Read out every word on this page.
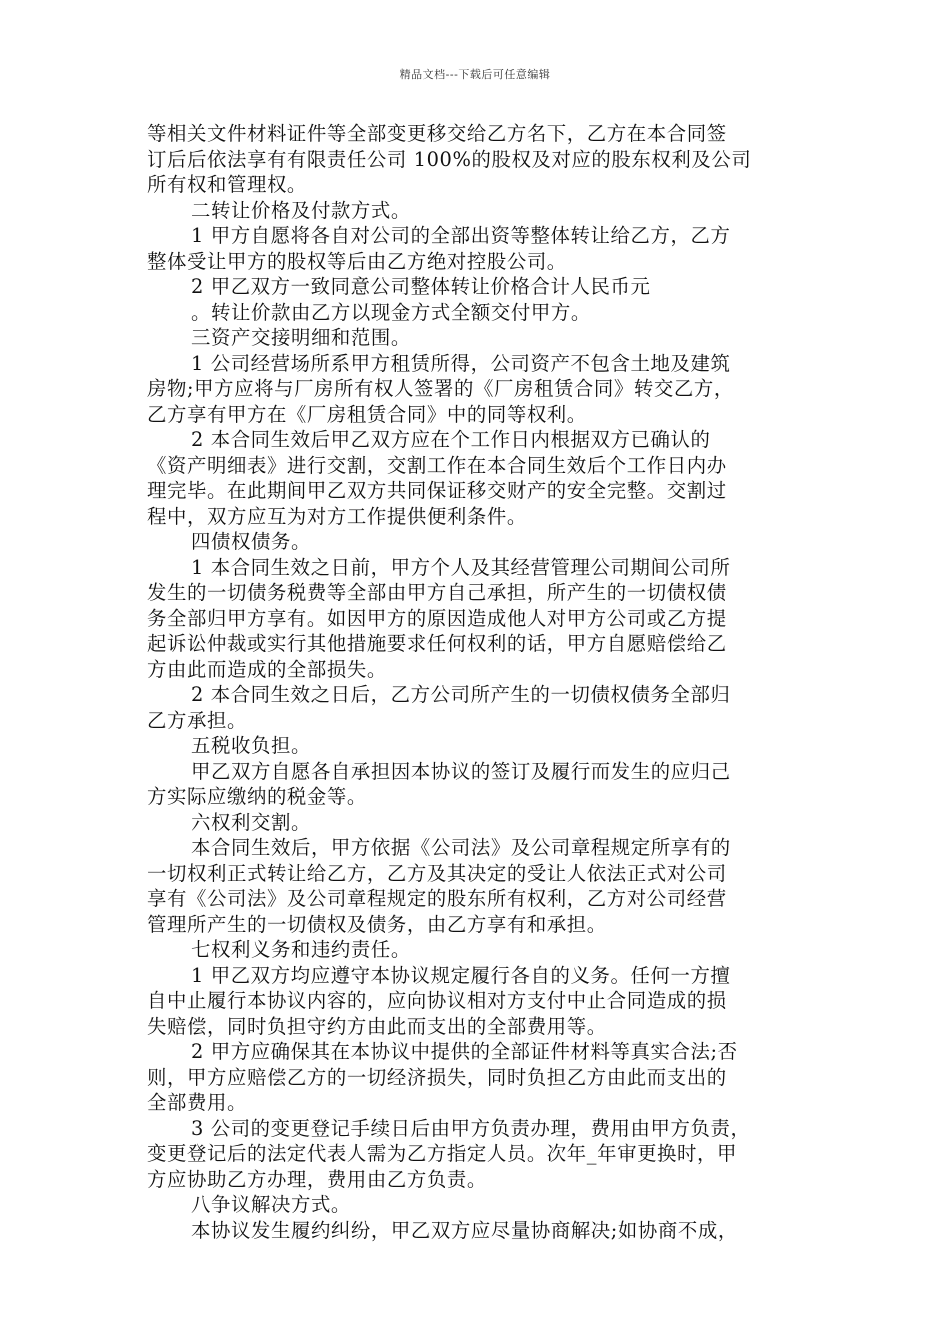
精品文档---下载后可任意编辑
等相关文件材料证件等全部变更移交给乙方名下，乙方在本合同签
订后后依法享有有限责任公司 100%的股权及对应的股东权利及公司
所有权和管理权。
二转让价格及付款方式。
1 甲方自愿将各自对公司的全部出资等整体转让给乙方，乙方
整体受让甲方的股权等后由乙方绝对控股公司。
2 甲乙双方一致同意公司整体转让价格合计人民币元
。转让价款由乙方以现金方式全额交付甲方。
三资产交接明细和范围。
1 公司经营场所系甲方租赁所得，公司资产不包含土地及建筑
房物;甲方应将与厂房所有权人签署的《厂房租赁合同》转交乙方，
乙方享有甲方在《厂房租赁合同》中的同等权利。
2 本合同生效后甲乙双方应在个工作日内根据双方已确认的
《资产明细表》进行交割，交割工作在本合同生效后个工作日内办
理完毕。在此期间甲乙双方共同保证移交财产的安全完整。交割过
程中，双方应互为对方工作提供便利条件。
四债权债务。
1 本合同生效之日前，甲方个人及其经营管理公司期间公司所
发生的一切债务税费等全部由甲方自己承担，所产生的一切债权债
务全部归甲方享有。如因甲方的原因造成他人对甲方公司或乙方提
起诉讼仲裁或实行其他措施要求任何权利的话，甲方自愿赔偿给乙
方由此而造成的全部损失。
2 本合同生效之日后，乙方公司所产生的一切债权债务全部归
乙方承担。
五税收负担。
甲乙双方自愿各自承担因本协议的签订及履行而发生的应归己
方实际应缴纳的税金等。
六权利交割。
本合同生效后，甲方依据《公司法》及公司章程规定所享有的
一切权利正式转让给乙方，乙方及其决定的受让人依法正式对公司
享有《公司法》及公司章程规定的股东所有权利，乙方对公司经营
管理所产生的一切债权及债务，由乙方享有和承担。
七权利义务和违约责任。
1 甲乙双方均应遵守本协议规定履行各自的义务。任何一方擅
自中止履行本协议内容的，应向协议相对方支付中止合同造成的损
失赔偿，同时负担守约方由此而支出的全部费用等。
2 甲方应确保其在本协议中提供的全部证件材料等真实合法;否
则，甲方应赔偿乙方的一切经济损失，同时负担乙方由此而支出的
全部费用。
3 公司的变更登记手续日后由甲方负责办理，费用由甲方负责，
变更登记后的法定代表人需为乙方指定人员。次年_年审更换时，甲
方应协助乙方办理，费用由乙方负责。
八争议解决方式。
本协议发生履约纠纷，甲乙双方应尽量协商解决;如协商不成，
